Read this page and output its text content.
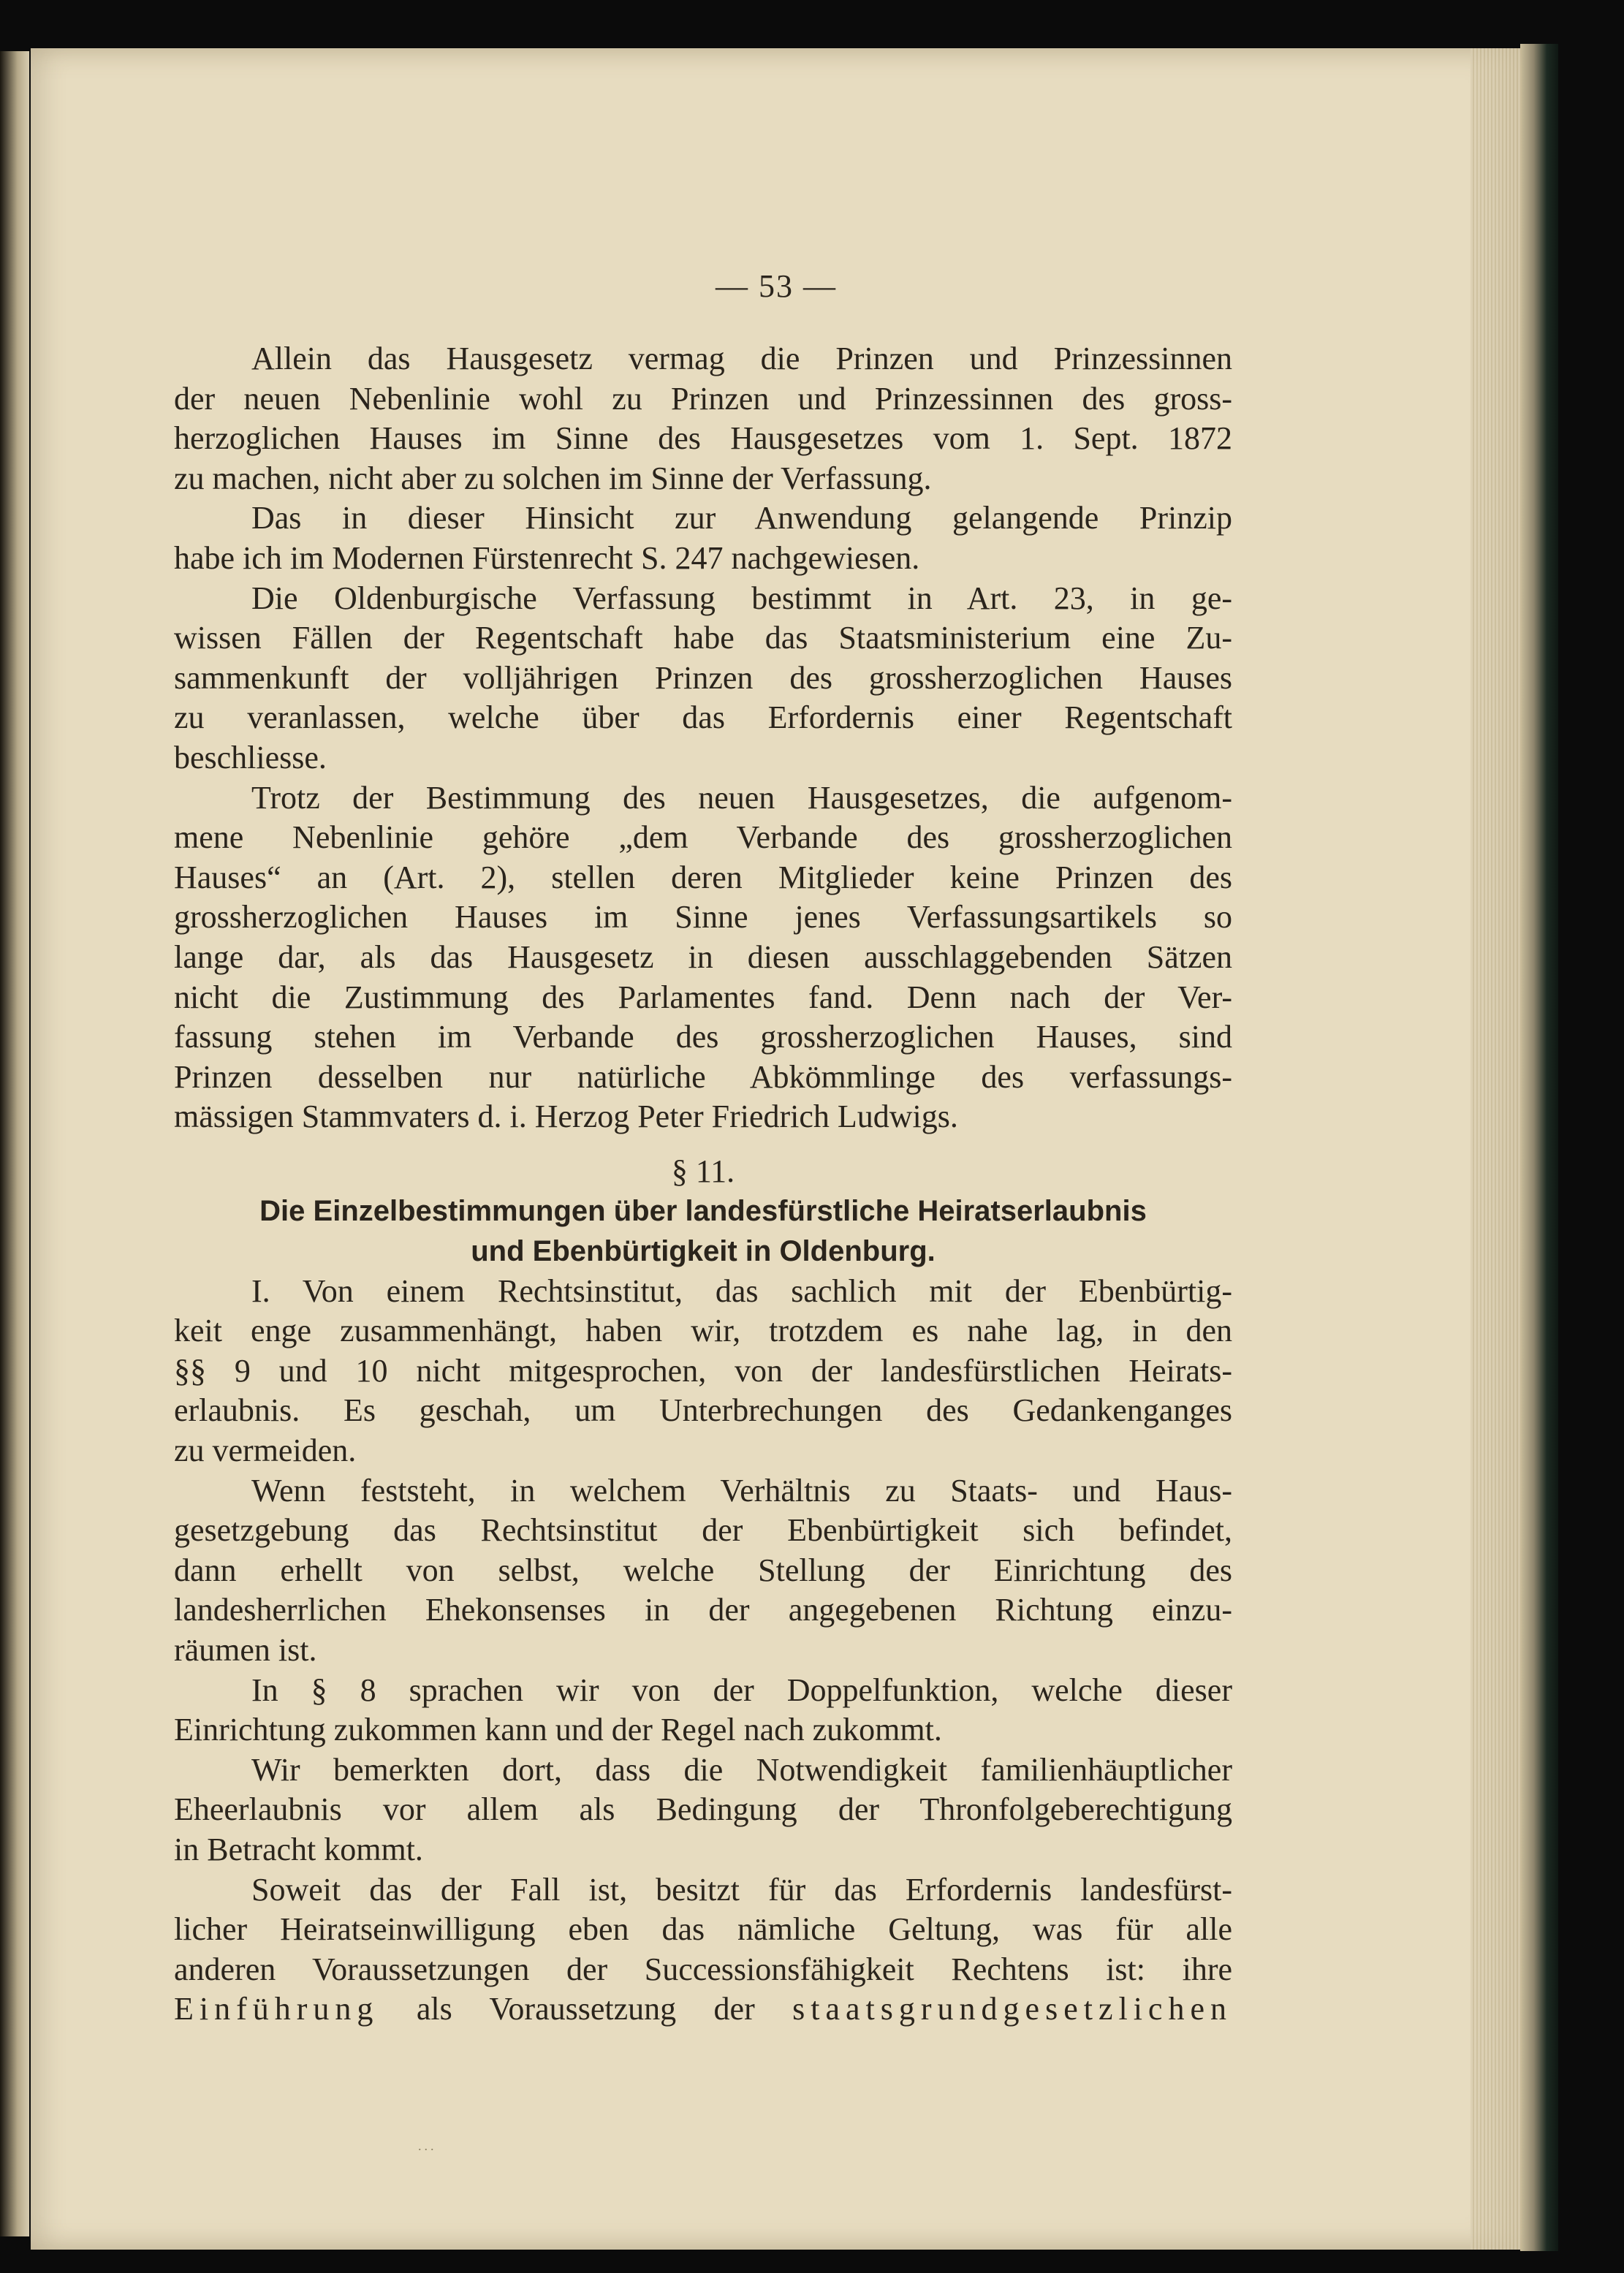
— 53 —
Allein das Hausgesetz vermag die Prinzen und Prinzessinnen
der neuen Nebenlinie wohl zu Prinzen und Prinzessinnen des gross-
herzoglichen Hauses im Sinne des Hausgesetzes vom 1. Sept. 1872
zu machen, nicht aber zu solchen im Sinne der Verfassung.
Das in dieser Hinsicht zur Anwendung gelangende Prinzip
habe ich im Modernen Fürstenrecht S. 247 nachgewiesen.
Die Oldenburgische Verfassung bestimmt in Art. 23, in ge-
wissen Fällen der Regentschaft habe das Staatsministerium eine Zu-
sammenkunft der volljährigen Prinzen des grossherzoglichen Hauses
zu veranlassen, welche über das Erfordernis einer Regentschaft
beschliesse.
Trotz der Bestimmung des neuen Hausgesetzes, die aufgenom-
mene Nebenlinie gehöre „dem Verbande des grossherzoglichen
Hauses“ an (Art. 2), stellen deren Mitglieder keine Prinzen des
grossherzoglichen Hauses im Sinne jenes Verfassungsartikels so
lange dar, als das Hausgesetz in diesen ausschlaggebenden Sätzen
nicht die Zustimmung des Parlamentes fand. Denn nach der Ver-
fassung stehen im Verbande des grossherzoglichen Hauses, sind
Prinzen desselben nur natürliche Abkömmlinge des verfassungs-
mässigen Stammvaters d. i. Herzog Peter Friedrich Ludwigs.
§ 11.
Die Einzelbestimmungen über landesfürstliche Heiratserlaubnis
und Ebenbürtigkeit in Oldenburg.
I. Von einem Rechtsinstitut, das sachlich mit der Ebenbürtig-
keit enge zusammenhängt, haben wir, trotzdem es nahe lag, in den
§§ 9 und 10 nicht mitgesprochen, von der landesfürstlichen Heirats-
erlaubnis. Es geschah, um Unterbrechungen des Gedankenganges
zu vermeiden.
Wenn feststeht, in welchem Verhältnis zu Staats- und Haus-
gesetzgebung das Rechtsinstitut der Ebenbürtigkeit sich befindet,
dann erhellt von selbst, welche Stellung der Einrichtung des
landesherrlichen Ehekonsenses in der angegebenen Richtung einzu-
räumen ist.
In § 8 sprachen wir von der Doppelfunktion, welche dieser
Einrichtung zukommen kann und der Regel nach zukommt.
Wir bemerkten dort, dass die Notwendigkeit familienhäuptlicher
Eheerlaubnis vor allem als Bedingung der Thronfolgeberechtigung
in Betracht kommt.
Soweit das der Fall ist, besitzt für das Erfordernis landesfürst-
licher Heiratseinwilligung eben das nämliche Geltung, was für alle
anderen Voraussetzungen der Successionsfähigkeit Rechtens ist: ihre
Einführung als Voraussetzung der staatsgrundgesetzlichen
...
